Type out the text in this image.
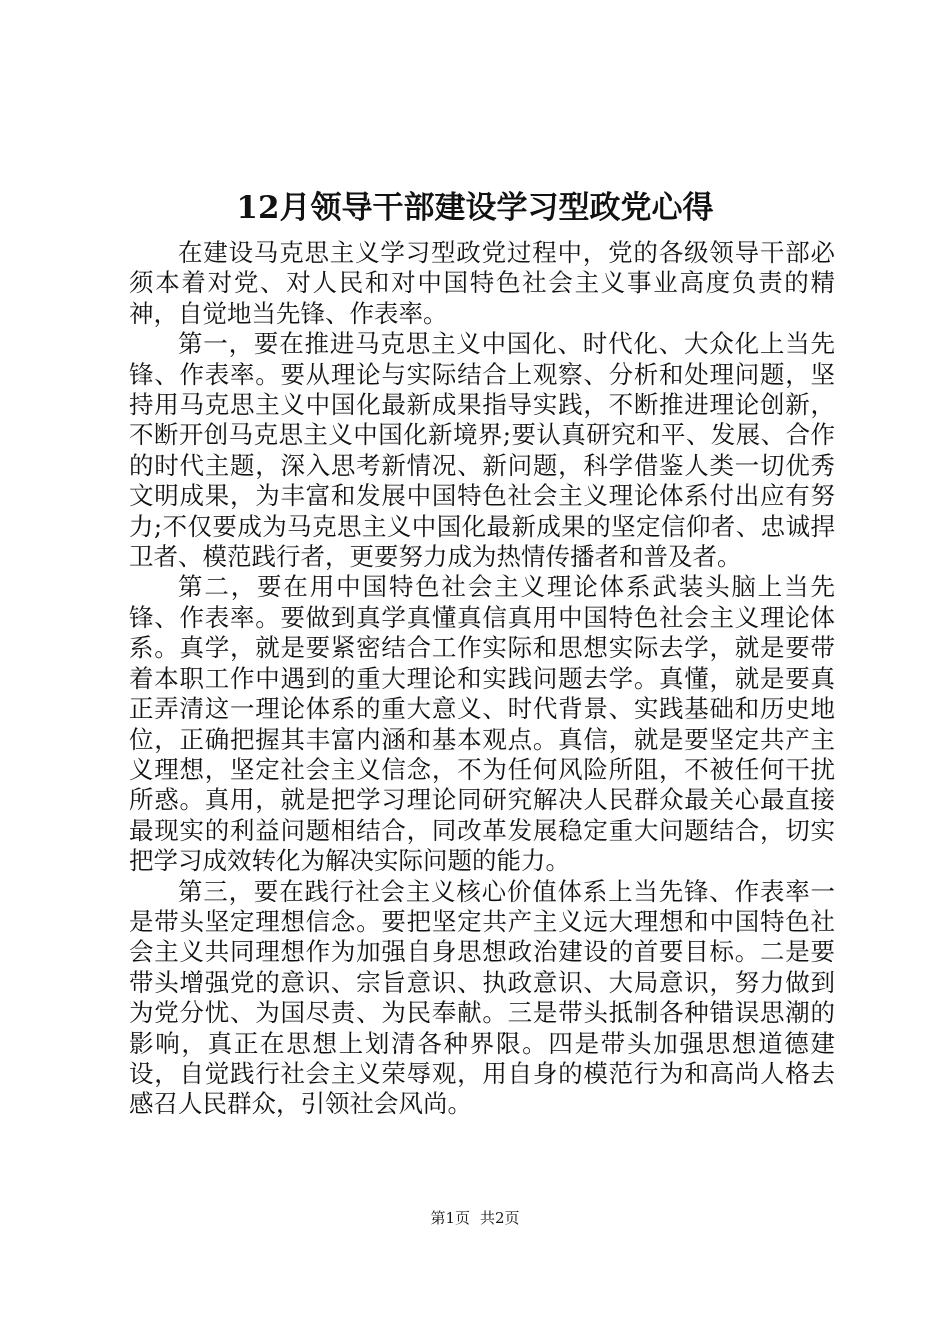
12月领导干部建设学习型政党心得

在建设马克思主义学习型政党过程中，党的各级领导干部必须本着对党、对人民和对中国特色社会主义事业高度负责的精神，自觉地当先锋、作表率。

第一，要在推进马克思主义中国化、时代化、大众化上当先锋、作表率。要从理论与实际结合上观察、分析和处理问题，坚持用马克思主义中国化最新成果指导实践，不断推进理论创新，不断开创马克思主义中国化新境界;要认真研究和平、发展、合作的时代主题，深入思考新情况、新问题，科学借鉴人类一切优秀文明成果，为丰富和发展中国特色社会主义理论体系付出应有努力;不仅要成为马克思主义中国化最新成果的坚定信仰者、忠诚捍卫者、模范践行者，更要努力成为热情传播者和普及者。

第二，要在用中国特色社会主义理论体系武装头脑上当先锋、作表率。要做到真学真懂真信真用中国特色社会主义理论体系。真学，就是要紧密结合工作实际和思想实际去学，就是要带着本职工作中遇到的重大理论和实践问题去学。真懂，就是要真正弄清这一理论体系的重大意义、时代背景、实践基础和历史地位，正确把握其丰富内涵和基本观点。真信，就是要坚定共产主义理想，坚定社会主义信念，不为任何风险所阻，不被任何干扰所惑。真用，就是把学习理论同研究解决人民群众最关心最直接最现实的利益问题相结合，同改革发展稳定重大问题结合，切实把学习成效转化为解决实际问题的能力。

第三，要在践行社会主义核心价值体系上当先锋、作表率一是带头坚定理想信念。要把坚定共产主义远大理想和中国特色社会主义共同理想作为加强自身思想政治建设的首要目标。二是要带头增强党的意识、宗旨意识、执政意识、大局意识，努力做到为党分忧、为国尽责、为民奉献。三是带头抵制各种错误思潮的影响，真正在思想上划清各种界限。四是带头加强思想道德建设，自觉践行社会主义荣辱观，用自身的模范行为和高尚人格去感召人民群众，引领社会风尚。

第1页 共2页
